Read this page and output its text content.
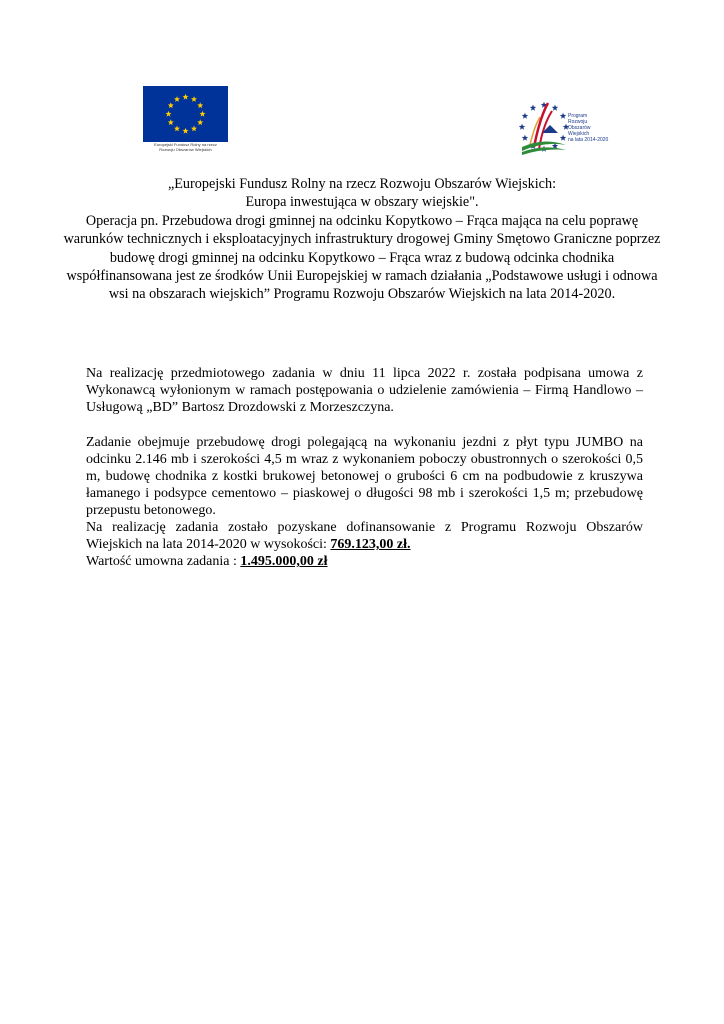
Europejski Fundusz Rolny na rzecz
Rozwoju Obszarów Wiejskich
Program
Rozwoju
Obszarów
Wiejskich
na lata 2014-2020

„Europejski Fundusz Rolny na rzecz Rozwoju Obszarów Wiejskich:

Europa inwestująca w obszary wiejskie".

Operacja pn. Przebudowa drogi gminnej na odcinku Kopytkowo – Frąca mająca na celu poprawę warunków technicznych i eksploatacyjnych infrastruktury drogowej Gminy Smętowo Graniczne poprzez budowę drogi gminnej na odcinku Kopytkowo – Frąca wraz z budową odcinka chodnika współfinansowana jest ze środków Unii Europejskiej w ramach działania „Podstawowe usługi i odnowa wsi na obszarach wiejskich” Programu Rozwoju Obszarów Wiejskich na lata 2014-2020.

Na realizację przedmiotowego zadania w dniu 11 lipca 2022 r. została podpisana umowa z Wykonawcą wyłonionym w ramach postępowania o udzielenie zamówienia – Firmą Handlowo – Usługową „BD” Bartosz Drozdowski z Morzeszczyna.

Zadanie obejmuje przebudowę drogi polegającą na wykonaniu jezdni z płyt typu JUMBO na odcinku 2.146 mb i szerokości 4,5 m wraz z wykonaniem poboczy obustronnych o szerokości 0,5 m, budowę chodnika z kostki brukowej betonowej o grubości 6 cm na podbudowie z kruszywa łamanego i podsypce cementowo – piaskowej o długości 98 mb i szerokości 1,5 m; przebudowę przepustu betonowego.

Na realizację zadania zostało pozyskane dofinansowanie z Programu Rozwoju Obszarów Wiejskich na lata 2014-2020 w wysokości: 769.123,00 zł.

Wartość umowna zadania : 1.495.000,00 zł
